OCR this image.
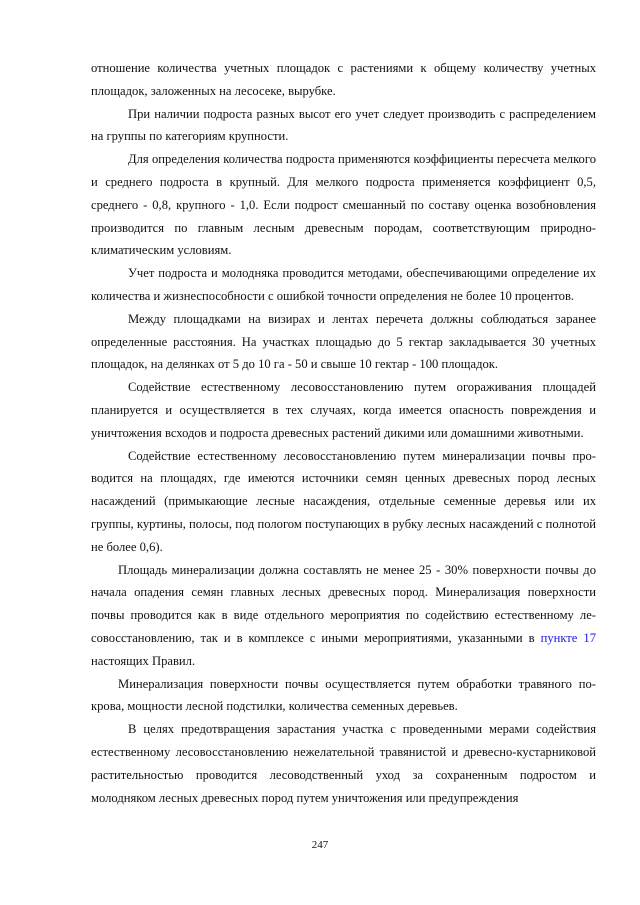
отношение количества учетных площадок с растениями к общему количеству учетных площадок, заложенных на лесосеке, вырубке.

При наличии подроста разных высот его учет следует производить с распределением на группы по категориям крупности.

Для определения количества подроста применяются коэффициенты пересчета мелкого и среднего подроста в крупный. Для мелкого подроста применяется коэффициент 0,5, среднего - 0,8, крупного - 1,0. Если подрост смешанный по составу оценка возобновления производится по главным лесным древесным породам, соответствующим природно-климатическим условиям.

Учет подроста и молодняка проводится методами, обеспечивающими определение их количества и жизнеспособности с ошибкой точности определения не более 10 процентов.

Между площадками на визирах и лентах перечета должны соблюдаться заранее определенные расстояния. На участках площадью до 5 гектар закладывается 30 учетных площадок, на делянках от 5 до 10 га - 50 и свыше 10 гектар - 100 площадок.

Содействие естественному лесовосстановлению путем огораживания площадей планируется и осуществляется в тех случаях, когда имеется опасность повреждения и уничтожения всходов и подроста древесных растений дикими или домашними животными.

Содействие естественному лесовосстановлению путем минерализации почвы проводится на площадях, где имеются источники семян ценных древесных пород лесных насаждений (примыкающие лесные насаждения, отдельные семенные деревья или их группы, куртины, полосы, под пологом поступающих в рубку лесных насаждений с полнотой не более 0,6).

Площадь минерализации должна составлять не менее 25 - 30% поверхности почвы до начала опадения семян главных лесных древесных пород. Минерализация поверхности почвы проводится как в виде отдельного мероприятия по содействию естественному лесовосстановлению, так и в комплексе с иными мероприятиями, указанными в пункте 17 настоящих Правил.

Минерализация поверхности почвы осуществляется путем обработки травяного покрова, мощности лесной подстилки, количества семенных деревьев.

В целях предотвращения зарастания участка с проведенными мерами содействия естественному лесовосстановлению нежелательной травянистой и древесно-кустарниковой растительностью проводится лесоводственный уход за сохраненным подростом и молодняком лесных древесных пород путем уничтожения или предупреждения

247
